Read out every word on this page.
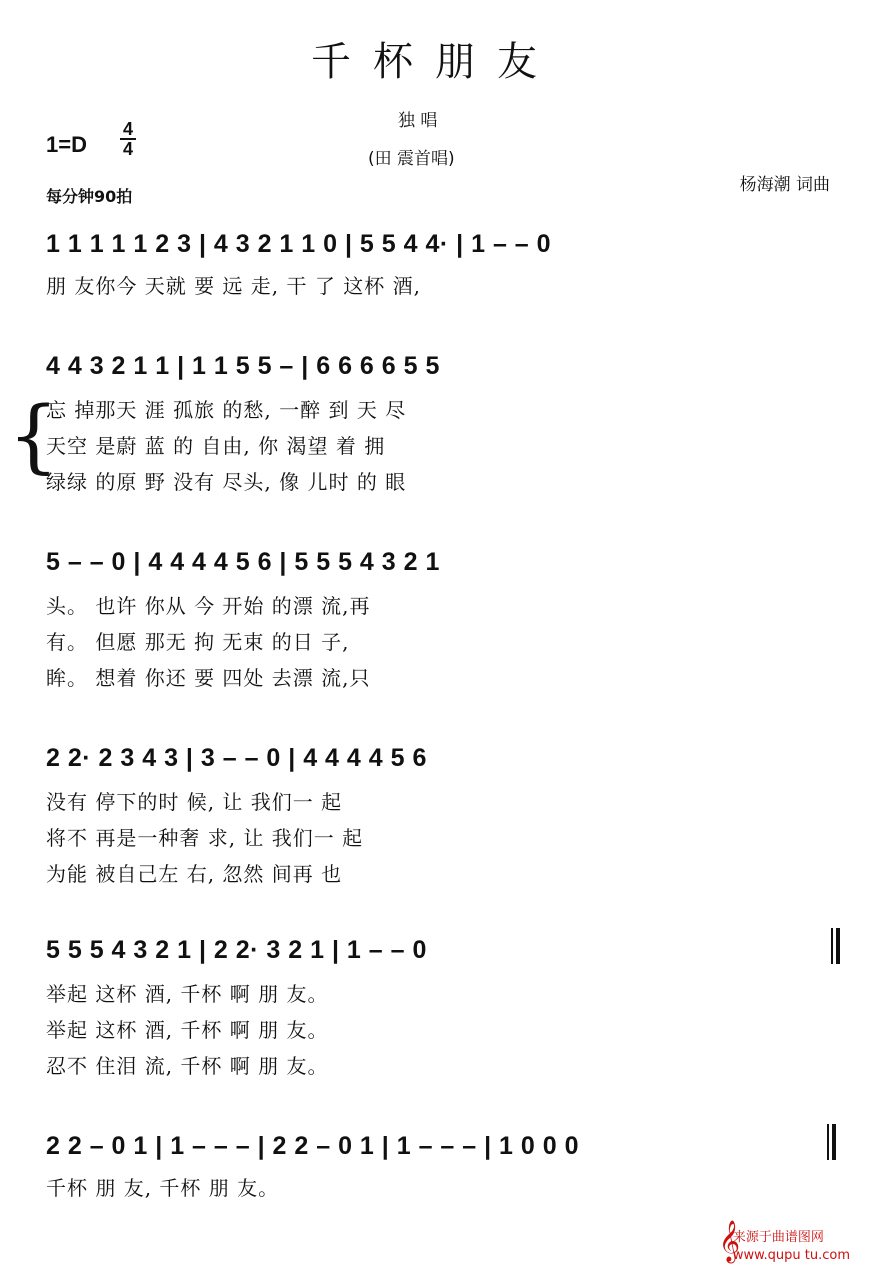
千杯朋友
独 唱
(田 震首唱)
$1=D \frac{4}{4}$
每分钟90拍
杨海潮 词曲
1 1 1 1 1 2 3 | 4 3 2 1 1 0 | 5 5 4 4· | 1 – – 0
朋 友你今 天就 要 远 走, 干 了 这杯 酒,
4 4 3 2 1 1 | 1 1 5 5 – | 6 6 6 6 5 5
{
忘 掉那天 涯 孤旅 的愁, 一醉 到 天 尽
天空 是蔚 蓝 的 自由, 你 渴望 着 拥
绿绿 的原 野 没有 尽头, 像 儿时 的 眼
5 – – 0 | 4 4 4 4 5 6 | 5 5 5 4 3 2 1
头。 也许 你从 今 开始 的漂 流,再
有。 但愿 那无 拘 无束 的日 子,
眸。 想着 你还 要 四处 去漂 流,只
2 2· 2 3 4 3 | 3 – – 0 | 4 4 4 4 5 6
没有 停下的时 候, 让 我们一 起
将不 再是一种奢 求, 让 我们一 起
为能 被自己左 右, 忽然 间再 也
5 5 5 4 3 2 1 | 2 2· 3 2 1 | 1 – – 0
举起 这杯 酒, 千杯 啊 朋 友。
举起 这杯 酒, 千杯 啊 朋 友。
忍不 住泪 流, 千杯 啊 朋 友。
2 2 – 0 1 | 1 – – – | 2 2 – 0 1 | 1 – – – | 1 0 0 0
千杯 朋 友, 千杯 朋 友。
𝄞
来源于曲谱图网
www.qupu tu.com
